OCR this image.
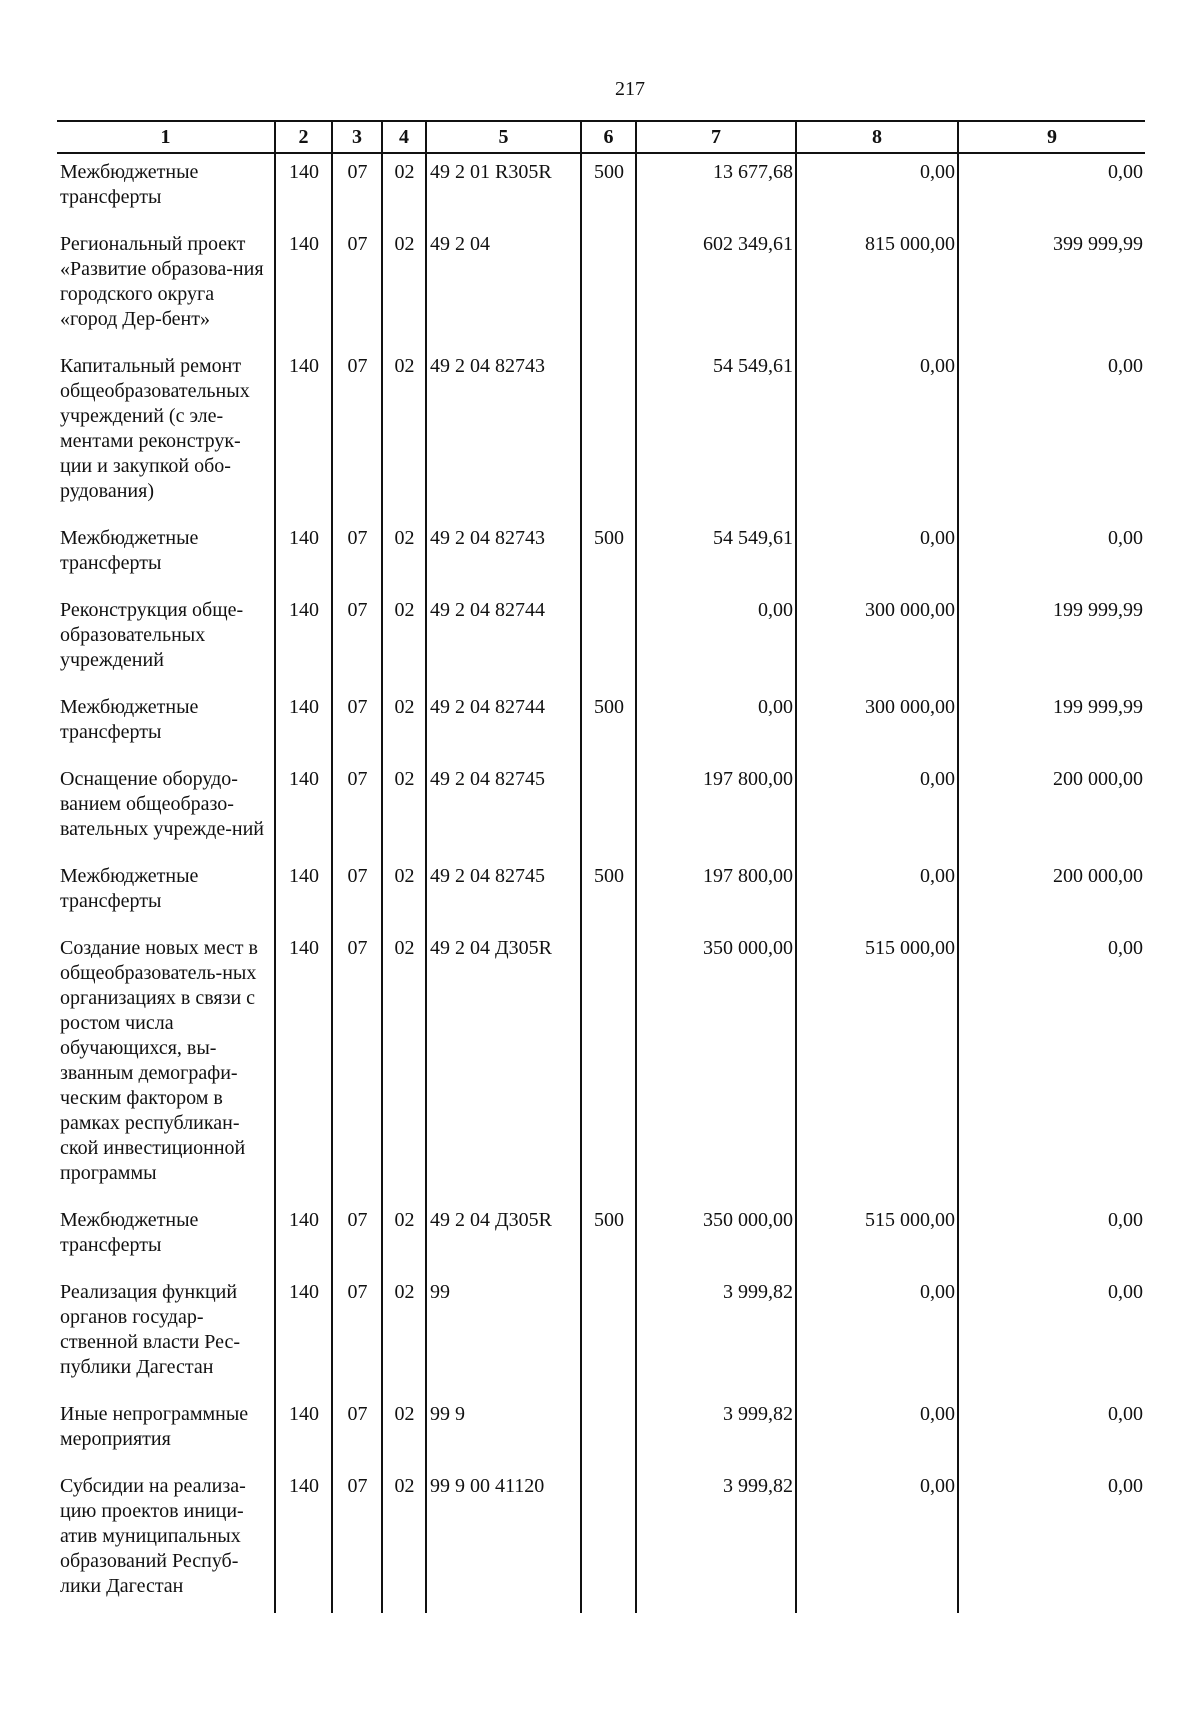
217
1	2	3	4	5	6	7	8	9
Межбюджетные трансферты	140	07	02	49 2 01 R305R	500	13 677,68	0,00	0,00
Региональный проект «Развитие образова-ния городского округа «город Дер-бент»	140	07	02	49 2 04		602 349,61	815 000,00	399 999,99
Капитальный ремонт общеобразовательных учреждений (с эле-ментами реконструк-ции и закупкой обо-рудования)	140	07	02	49 2 04 82743		54 549,61	0,00	0,00
Межбюджетные трансферты	140	07	02	49 2 04 82743	500	54 549,61	0,00	0,00
Реконструкция обще-образовательных учреждений	140	07	02	49 2 04 82744		0,00	300 000,00	199 999,99
Межбюджетные трансферты	140	07	02	49 2 04 82744	500	0,00	300 000,00	199 999,99
Оснащение оборудо-ванием общеобразо-вательных учрежде-ний	140	07	02	49 2 04 82745		197 800,00	0,00	200 000,00
Межбюджетные трансферты	140	07	02	49 2 04 82745	500	197 800,00	0,00	200 000,00
Создание новых мест в общеобразователь-ных организациях в связи с ростом числа обучающихся, вы-званным демографи-ческим фактором в рамках республикан-ской инвестиционной программы	140	07	02	49 2 04 Д305R		350 000,00	515 000,00	0,00
Межбюджетные трансферты	140	07	02	49 2 04 Д305R	500	350 000,00	515 000,00	0,00
Реализация функций органов государ-ственной власти Рес-публики Дагестан	140	07	02	99		3 999,82	0,00	0,00
Иные непрограммные мероприятия	140	07	02	99 9		3 999,82	0,00	0,00
Субсидии на реализа-цию проектов иници-атив муниципальных образований Респуб-лики Дагестан	140	07	02	99 9 00 41120		3 999,82	0,00	0,00
